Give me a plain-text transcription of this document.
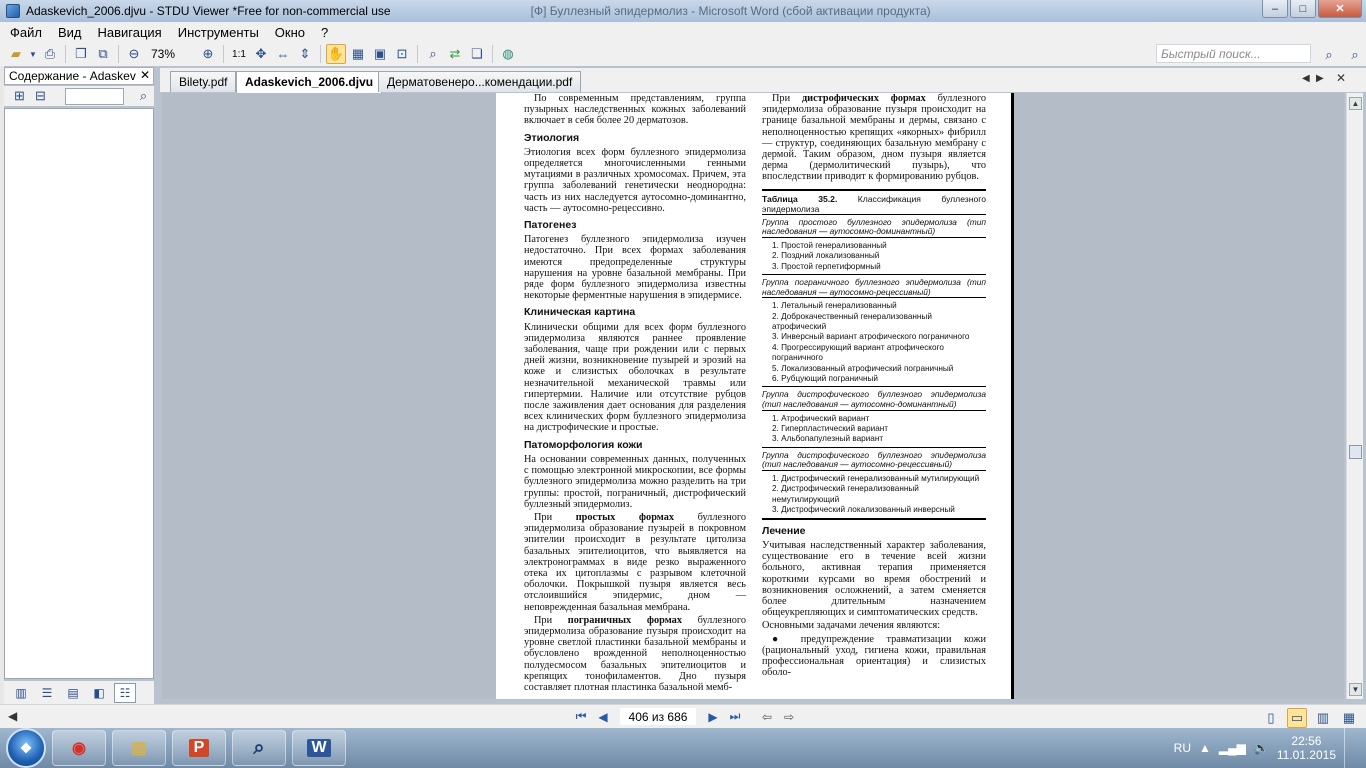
Adaskevich_2006.djvu - STDU Viewer *Free for non-commercial use	[Ф] Буллезный эпидермолиз - Microsoft Word (сбой активации продукта)	–	□	✕
Файл	Вид	Навигация	Инструменты	Окно	?
▰	▼ ⎙	❐ ⧉	⊖ 73%	⊕	1:1 ✥ ⇔ ⇕	✋ ▦ ▣ ⊡	⌕ ⇄ ❏	◍	Быстрый поиск...	⌕	⌕
Содержание - Adaskev ✕
⊞ ⊟	⌕
▥	☰	▤	◧	☷
Bilety.pdf	Adaskevich_2006.djvu	Дерматовенеро...комендации.pdf	◀ ▶ ✕

По современным представлениям, группа пузырных наследственных кожных заболеваний включает в себя более 20 дерматозов.

Этиология

Этиология всех форм буллезного эпидермолиза определяется многочисленными генными мутациями в различных хромосомах. Причем, эта группа заболеваний генетически неоднородна: часть из них наследуется аутосомно-доминантно, часть — аутосомно-рецессивно.

Патогенез

Патогенез буллезного эпидермолиза изучен недостаточно. При всех формах заболевания имеются предопределенные структуры нарушения на уровне базальной мембраны. При ряде форм буллезного эпидермолиза известны некоторые ферментные нарушения в эпидермисе.

Клиническая картина

Клинически общими для всех форм буллезного эпидермолиза являются раннее проявление заболевания, чаще при рождении или с первых дней жизни, возникновение пузырей и эрозий на коже и слизистых оболочках в результате незначительной механической травмы или гипертермии. Наличие или отсутствие рубцов после заживления дает основания для разделения всех клинических форм буллезного эпидермолиза на дистрофические и простые.

Патоморфология кожи

На основании современных данных, полученных с помощью электронной микроскопии, все формы буллезного эпидермолиза можно разделить на три группы: простой, пограничный, дистрофический буллезный эпидермолиз.

При простых формах буллезного эпидермолиза образование пузырей в покровном эпителии происходит в результате цитолиза базальных эпителиоцитов, что выявляется на электронограммах в виде резко выраженного отека их цитоплазмы с разрывом клеточной оболочки. Покрышкой пузыря является весь отслоившийся эпидермис, дном — неповрежденная базальная мембрана.

При пограничных формах буллезного эпидермолиза образование пузыря происходит на уровне светлой пластинки базальной мембраны и обусловлено врожденной неполноценностью полудесмосом базальных эпителиоцитов и крепящих тонофиламентов. Дно пузыря составляет плотная пластинка базальной мемб-

При дистрофических формах буллезного эпидермолиза образование пузыря происходит на границе базальной мембраны и дермы, связано с неполноценностью крепящих «якорных» фибрилл — структур, соединяющих базальную мембрану с дермой. Таким образом, дном пузыря является дерма (дермолитический пузырь), что впоследствии приводит к формированию рубцов.

Таблица 35.2. Классификация буллезного эпидермолиза
Группа простого буллезного эпидермолиза (тип наследования — аутосомно-доминантный)
1. Простой генерализованный
2. Поздний локализованный
3. Простой герпетиформный
Группа пограничного буллезного эпидермолиза (тип наследования — аутосомно-рецессивный)
1. Летальный генерализованный
2. Доброкачественный генерализованный атрофический
3. Инверсный вариант атрофического пограничного
4. Прогрессирующий вариант атрофического пограничного
5. Локализованный атрофический пограничный
6. Рубцующий пограничный
Группа дистрофического буллезного эпидермолиза (тип наследования — аутосомно-доминантный)
1. Атрофический вариант
2. Гиперпластический вариант
3. Альбопапулезный вариант
Группа дистрофического буллезного эпидермолиза (тип наследования — аутосомно-рецессивный)
1. Дистрофический генерализованный мутилирующий
2. Дистрофический генерализованный немутилирующий
3. Дистрофический локализованный инверсный
Лечение

Учитывая наследственный характер заболевания, существование его в течение всей жизни больного, активная терапия применяется короткими курсами во время обострений и возникновения осложнений, а затем сменяется более длительным назначением общеукрепляющих и симптоматических средств.

Основными задачами лечения являются:

● предупреждение травматизации кожи (рациональный уход, гигиена кожи, правильная профессиональная ориентация) и слизистых оболо-

▲
▼
◀	⏮ ◀	406 из 686	▶ ⏭	⇦ ⇨	▯	▭ ▥ ▦
❖ ◉	▤	P ⌕	W	RU ▲ ▂▄▆ 🔈	22:56
11.01.2015
